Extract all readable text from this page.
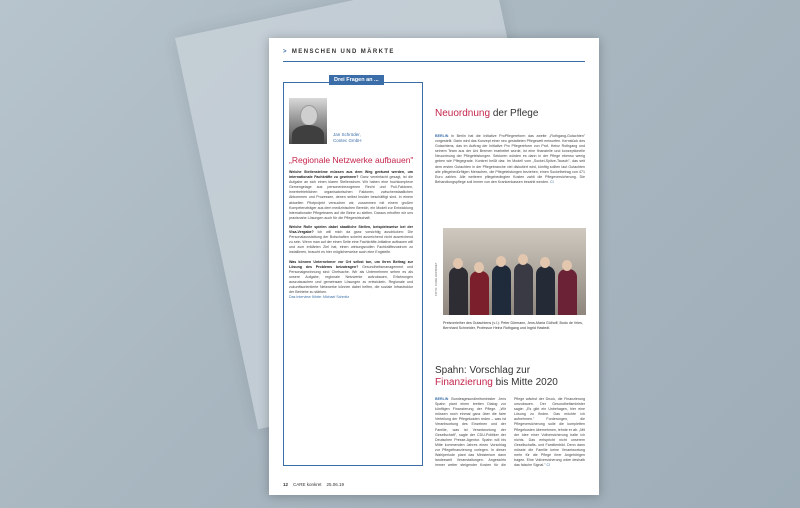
> MENSCHEN UND MÄRKTE
Drei Fragen an ...
Jan Schröder,
Contec GmbH
„Regionale Netzwerke aufbauen"
Welche Stellenströme müssen aus dem Weg geräumt werden, um internationale Fachkräfte zu gewinnen? Ganz vereinfacht gesagt, ist die Aufgabe an sich einen klaren Stellenstrom. Wir haben eine hochkomplexe Gemengelage aus personenbezogenen Recht und Pull-Faktoren, innerbetrieblichen organisatorischen Faktoren, zwischenstaatlichen Abkommen und Prozessen, denen selbst Insider beschäftigt sind. In einem aktuellen Pilotprojekt versuchen wir, zusammen mit einem großen Kompetenzträger aus dem medizinischen Bereich, ein Modell zur Entwicklung internationaler Pflegeteams auf die Beine zu stellen. Daraus erhoffen wir uns praxisnahe Lösungen auch für die Pflegewirtschaft.
Welche Rolle spielen dabei staatliche Stellen, beispielsweise bei der Visa-Vergabe? Ich will mich da ganz vorsichtig ausdrücken: Die Personalausstattung der Botschaften scheint ausreichend nicht ausreichend zu sein. Wenn man auf der einen Seite eine Fachkräfte-Initiative aufbauen will und zum erklärten Ziel hat, einen wirkungsvollen Fachkräftezustrom zu installieren, braucht es hier möglicherweise auch eine Engstelle.
Was können Unternehmer vor Ort selbst tun, um ihren Beitrag zur Lösung des Problems beizutragen? Gesundheitsmanagement und Personalgewinnung sind Chefsache. Wir als Unternehmen sehen es als unsere Aufgabe, regionale Netzwerke aufzubauen, Erfahrungen auszutauschen und gemeinsam Lösungen zu entwickeln. Regionale und zukunftsorientierte Netzwerke können dabei helfen, die soziale Infrastruktur der Betriebe zu stärken.
Das Interview führte: Michael Schmitz
Neuordnung der Pflege
BERLIN In Berlin hat die Initiative ProPflegereform das zweite „Rothgang-Gutachten" vorgestellt. Darin wird das Konzept einer neu gestalteten Pflegewelt entworfen. Kernstück des Gutachtens, das im Auftrag der Initiative Pro Pflegereform von Prof. Heinz Rothgang und seinem Team aus der Uni Bremen erarbeitet wurde, ist eine finanzielle und konzeptionelle Neuordnung der Pflegeleistungen. Sektoren würden es dann in der Pflege ebenso wenig geben wie Pflegegrade. Konkret heißt das: Im Modell vom „Sockel-Spitze-Tausch", das seit dem ersten Gutachten in der Pflegebranche viel diskutiert wird, künftig sollten laut Gutachten alle pflegebedürftigen Menschen, die Pflegeleistungen beziehen, einen Sockelbetrag von 471 Euro zahlen. Alle weiteren pflegebedingten Kosten zahlt die Pflegeversicherung. Die Behandlungspflege soll immer von den Krankenkassen bezahlt werden. CI
FOTO: CARE KONKRET
Preisverleiher des Gutachtens (v.l.): Peter Dörmann, Jens-Maria Gülhoff, Bodo de Vries, Bernhard Schneider, Professor Heinz Rothgang und Ingrid Hastedt.
Spahn: Vorschlag zur
Finanzierung bis Mitte 2020
BERLIN Bundesgesundheitsminister Jens Spahn plant einen breiten Dialog zur künftigen Finanzierung der Pflege. „Wir müssen noch einmal ganz über die faire Verteilung der Pflegekosten reden – was ist Verantwortung des Einzelnen und der Familie, was ist Verantwortung der Gesellschaft", sagte der CDU-Politiker der Deutschen Presse-Agentur. Spahn will bis Mitte kommenden Jahres einen Vorschlag zur Pflegefinanzierung vorlegen. In dieser Wahlperiode plant das Ministerium dann landesweit Veranstaltungen. Angesichts immer weiter steigender Kosten für die Pflege wächst der Druck, die Finanzierung umzubauen. Der Gesundheitsminister sagte: „Es gibt ein Unbehagen, hier eine Lösung zu finden. Das möchte ich aufnehmen." Forderungen, die Pflegeversicherung solle die kompletten Pflegekosten übernehmen, lehnte er ab. „Mit der Idee einer Vollversicherung halte ich nichts. Das entspricht nicht unserem Gesellschafts- und Familienbild. Denn dann müsste die Familie keine Verantwortung mehr für die Pflege ihrer Angehörigen tragen. Eine Vollversicherung wäre deshalb das falsche Signal." CI
12 CARE konkret 25.06.19
